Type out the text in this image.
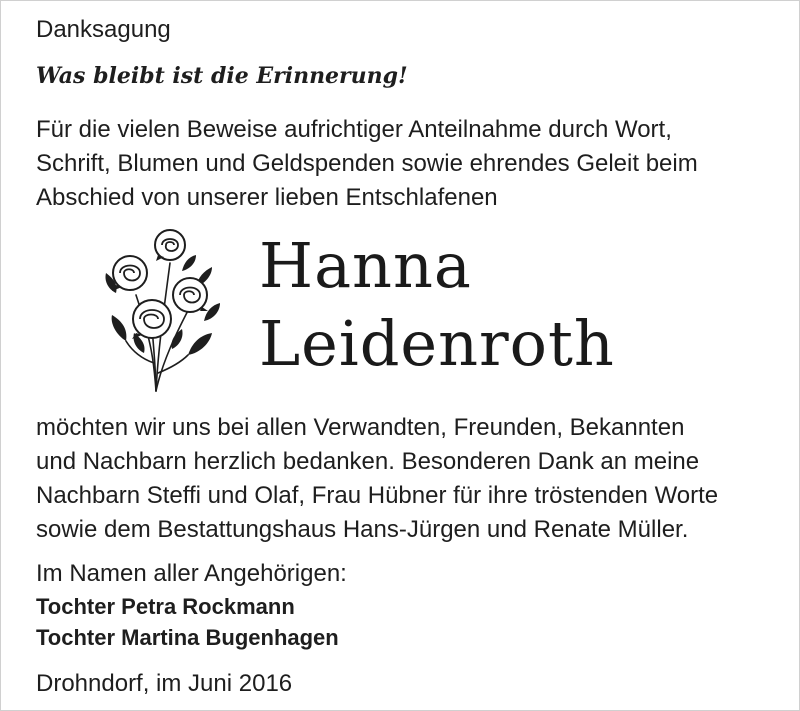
Danksagung
Was bleibt ist die Erinnerung!
Für die vielen Beweise aufrichtiger Anteilnahme durch Wort,
Schrift, Blumen und Geldspenden sowie ehrendes Geleit beim
Abschied von unserer lieben Entschlafenen
Hanna
Leidenroth
möchten wir uns bei allen Verwandten, Freunden, Bekannten
und Nachbarn herzlich bedanken. Besonderen Dank an meine
Nachbarn Steffi und Olaf, Frau Hübner für ihre tröstenden Worte
sowie dem Bestattungshaus Hans-Jürgen und Renate Müller.
Im Namen aller Angehörigen:
Tochter Petra Rockmann
Tochter Martina Bugenhagen
Drohndorf, im Juni 2016
